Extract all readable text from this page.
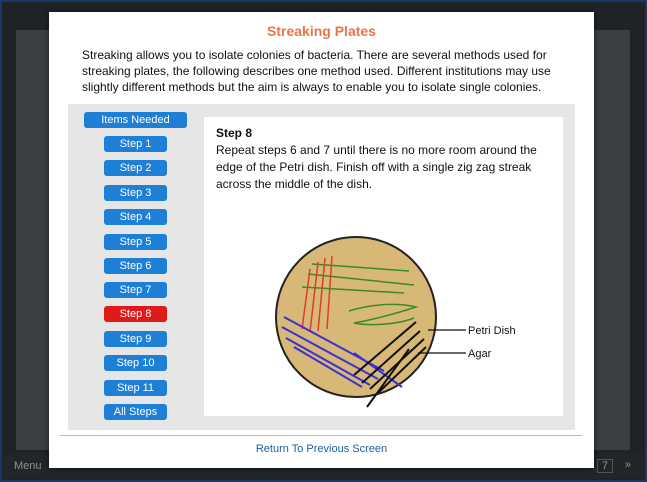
Menu	7	»
Streaking Plates
Streaking allows you to isolate colonies of bacteria. There are several methods used for streaking plates, the following describes one method used. Different institutions may use slightly different methods but the aim is always to enable you to isolate single colonies.
Items Needed
Step 1
Step 2
Step 3
Step 4
Step 5
Step 6
Step 7
Step 8
Step 9
Step 10
Step 11
All Steps
Step 8
Repeat steps 6 and 7 until there is no more room around the edge of the Petri dish. Finish off with a single zig zag streak across the middle of the dish.
Petri Dish
Agar
Return To Previous Screen
